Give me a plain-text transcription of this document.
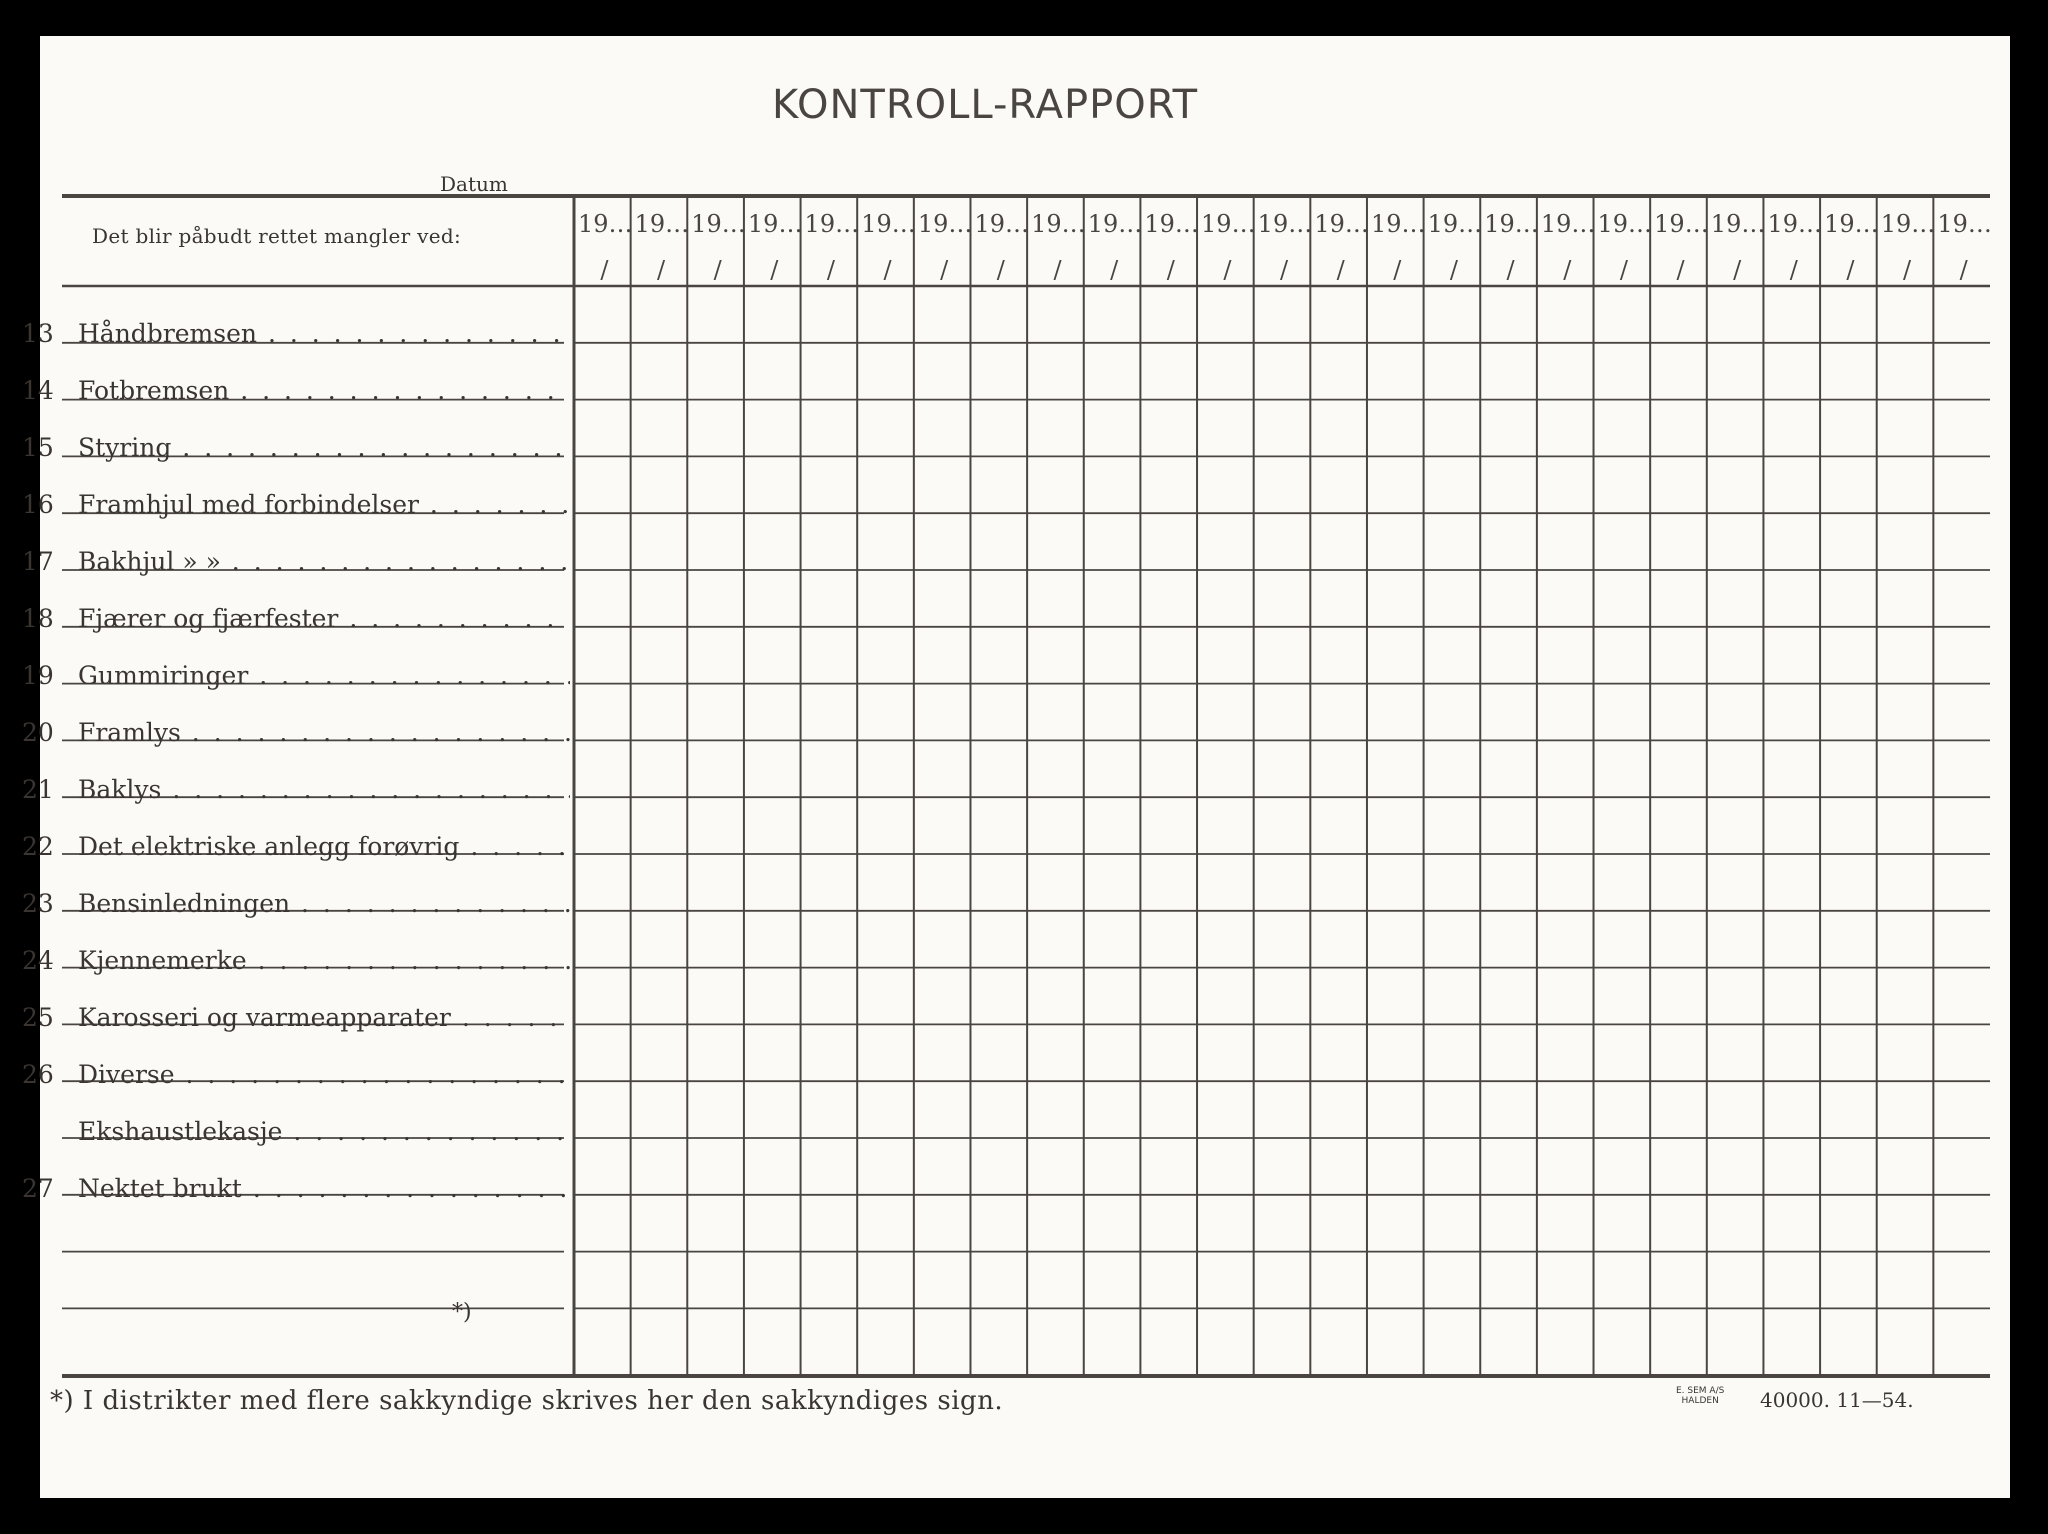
19…
/
19…
/
19…
/
19…
/
19…
/
19…
/
19…
/
19…
/
19…
/
19…
/
19…
/
19…
/
19…
/
19…
/
19…
/
19…
/
19…
/
19…
/
19…
/
19…
/
19…
/
19…
/
19…
/
19…
/
19…
/
KONTROLL-RAPPORT
Datum
Det blir påbudt rettet mangler ved:
13 Håndbremsen . . .
14 Fotbremsen . . .
15 Styring . . .
16 Framhjul med forbindelser . . .
17 Bakhjul » » . . .
18 Fjærer og fjærfester . . .
19 Gummiringer . . .
20 Framlys . . .
21 Baklys . . .
22 Det elektriske anlegg forøvrig . . .
23 Bensinledningen . . .
24 Kjennemerke . . .
25 Karosseri og varmeapparater . . .
26 Diverse . . .
Ekshaustlekasje . . .
27 Nektet brukt . . .
*)
*) I distrikter med flere sakkyndige skrives her den sakkyndiges sign.	E. SEM A/S
HALDEN 40000. 11—54.
